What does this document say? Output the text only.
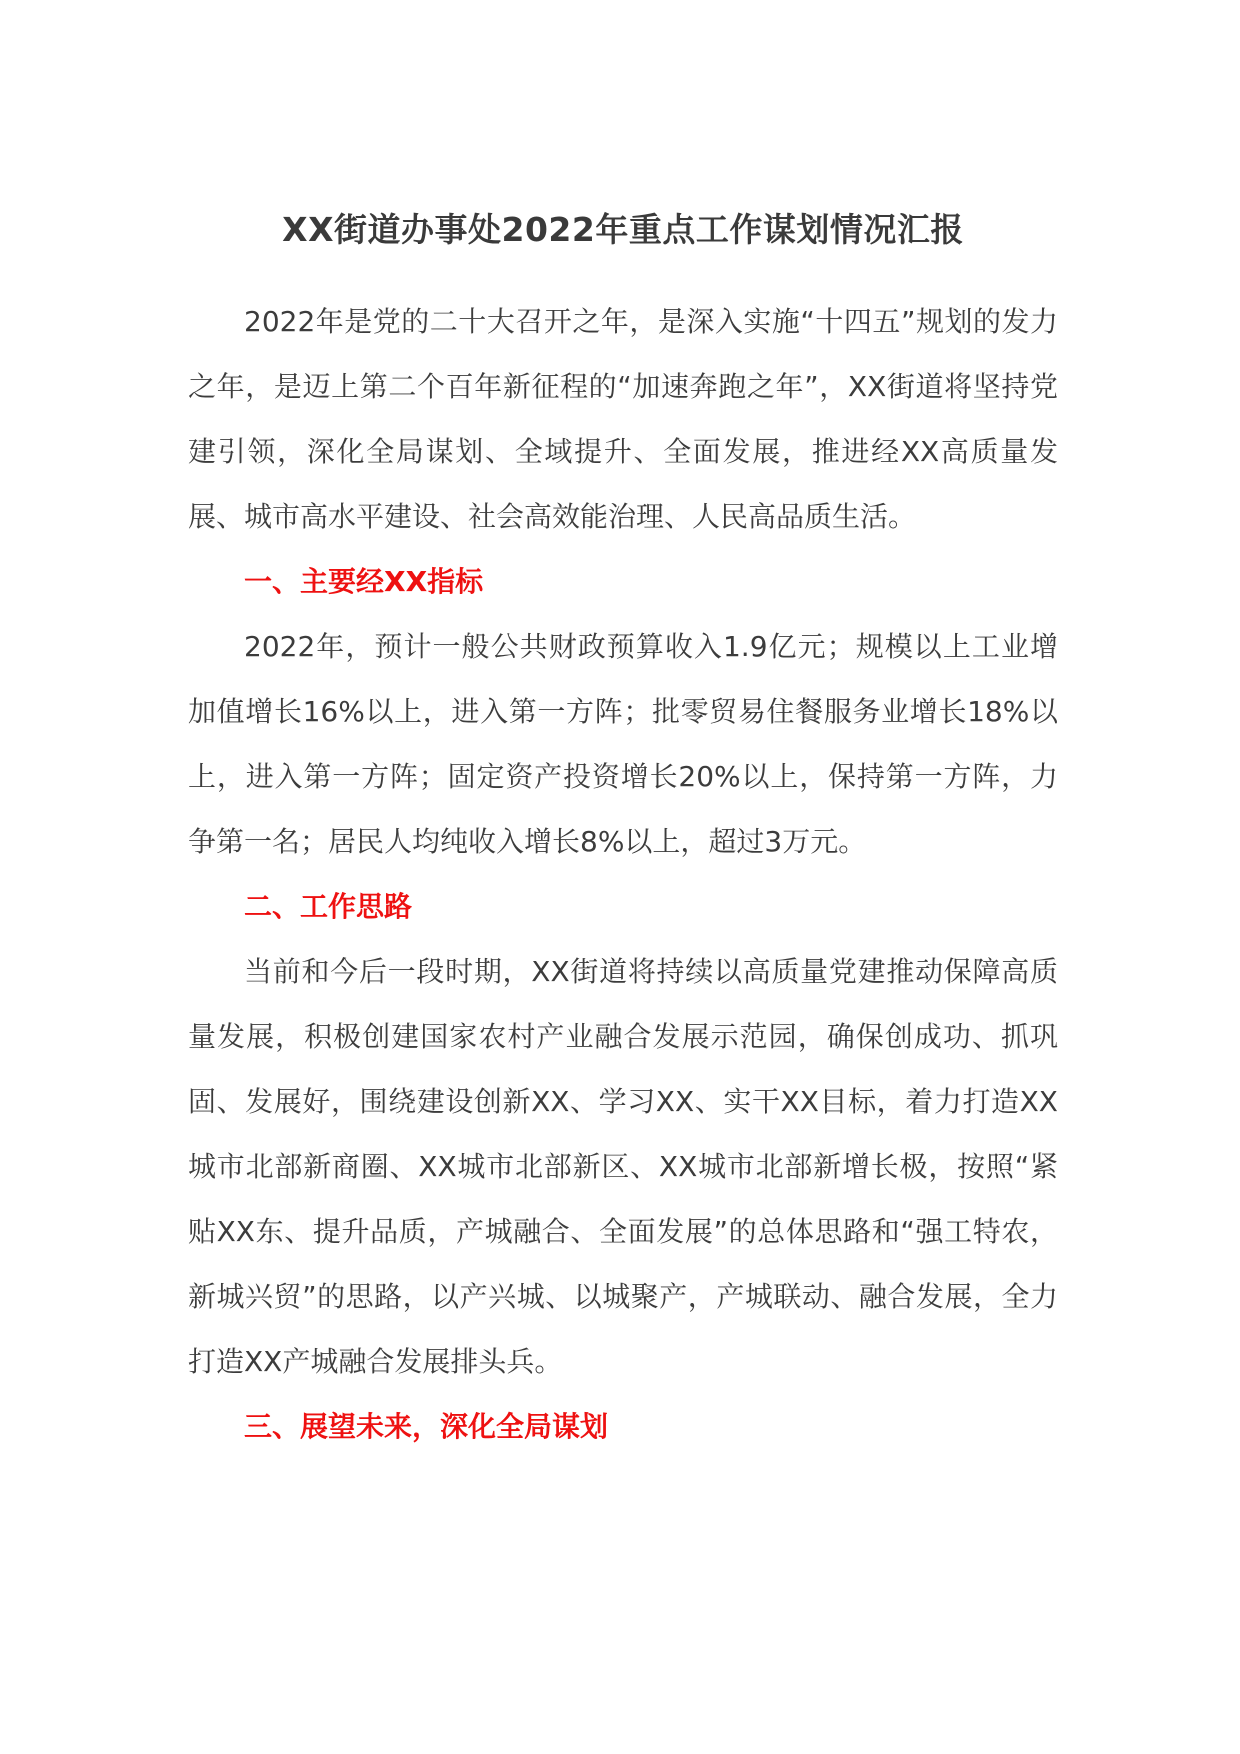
XX街道办事处2022年重点工作谋划情况汇报

2022年是党的二十大召开之年，是深入实施“十四五”规划的发力之年，是迈上第二个百年新征程的“加速奔跑之年”，XX街道将坚持党建引领，深化全局谋划、全域提升、全面发展，推进经XX高质量发展、城市高水平建设、社会高效能治理、人民高品质生活。

一、主要经XX指标

2022年，预计一般公共财政预算收入1.9亿元；规模以上工业增加值增长16%以上，进入第一方阵；批零贸易住餐服务业增长18%以上，进入第一方阵；固定资产投资增长20%以上，保持第一方阵，力争第一名；居民人均纯收入增长8%以上，超过3万元。

二、工作思路

当前和今后一段时期，XX街道将持续以高质量党建推动保障高质量发展，积极创建国家农村产业融合发展示范园，确保创成功、抓巩固、发展好，围绕建设创新XX、学习XX、实干XX目标，着力打造XX城市北部新商圈、XX城市北部新区、XX城市北部新增长极，按照“紧贴XX东、提升品质，产城融合、全面发展”的总体思路和“强工特农，新城兴贸”的思路，以产兴城、以城聚产，产城联动、融合发展，全力打造XX产城融合发展排头兵。

三、展望未来，深化全局谋划
